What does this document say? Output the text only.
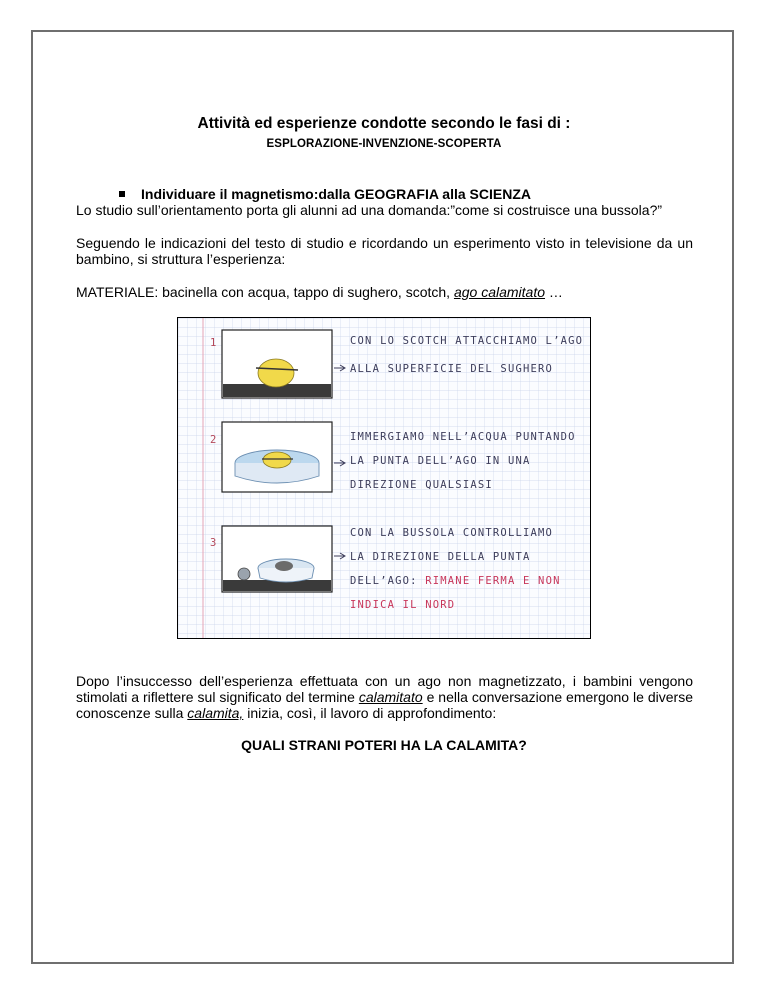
Attività ed esperienze condotte secondo le fasi di :
ESPLORAZIONE-INVENZIONE-SCOPERTA
Individuare il magnetismo:dalla GEOGRAFIA alla SCIENZA
Lo studio sull’orientamento porta gli alunni ad una domanda:”come si costruisce una bussola?”
Seguendo le indicazioni del testo di studio e ricordando un esperimento visto in televisione da un bambino, si struttura l’esperienza:
MATERIALE: bacinella con acqua, tappo di sughero, scotch, ago calamitato …
1	CON LO SCOTCH ATTACCHIAMO L’AGO
ALLA SUPERFICIE DEL SUGHERO
2	IMMERGIAMO NELL’ACQUA PUNTANDO
LA PUNTA DELL’AGO IN UNA
DIREZIONE QUALSIASI
3
CON LA BUSSOLA CONTROLLIAMO
LA DIREZIONE DELLA PUNTA
DELL’AGO: RIMANE FERMA E NON
INDICA IL NORD
Dopo l’insuccesso dell’esperienza effettuata con un ago non magnetizzato, i bambini vengono stimolati a riflettere sul significato del termine calamitato e nella conversazione emergono le diverse conoscenze sulla calamita, inizia, così, il lavoro di approfondimento:
QUALI STRANI POTERI HA LA CALAMITA?
